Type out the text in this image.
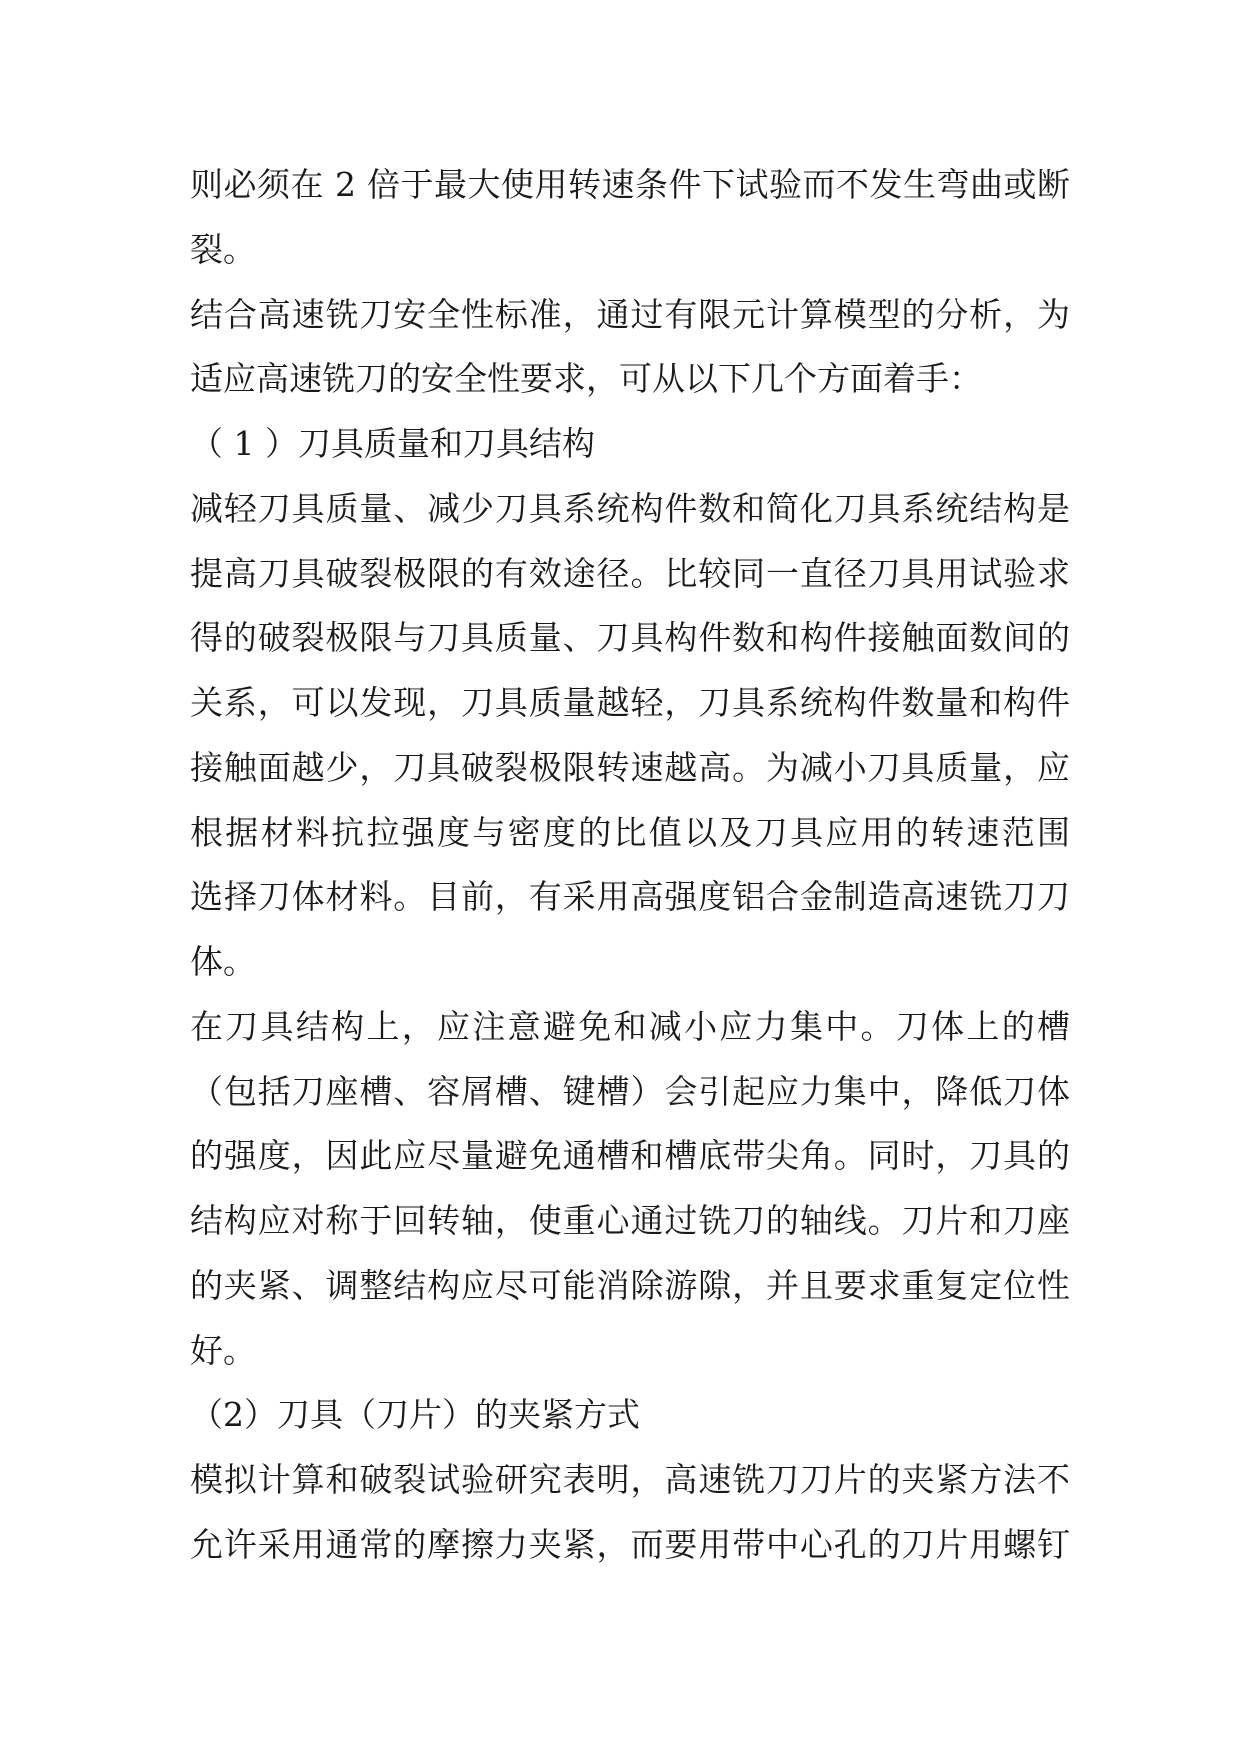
则必须在 2 倍于最大使用转速条件下试验而不发生弯曲或断
裂。
结合高速铣刀安全性标准，通过有限元计算模型的分析，为
适应高速铣刀的安全性要求，可从以下几个方面着手：
（ 1 ）刀具质量和刀具结构
减轻刀具质量、减少刀具系统构件数和简化刀具系统结构是
提高刀具破裂极限的有效途径。比较同一直径刀具用试验求
得的破裂极限与刀具质量、刀具构件数和构件接触面数间的
关系，可以发现，刀具质量越轻，刀具系统构件数量和构件
接触面越少，刀具破裂极限转速越高。为减小刀具质量，应
根据材料抗拉强度与密度的比值以及刀具应用的转速范围
选择刀体材料。目前，有采用高强度铝合金制造高速铣刀刀
体。
在刀具结构上，应注意避免和减小应力集中。刀体上的槽
（包括刀座槽、容屑槽、键槽）会引起应力集中，降低刀体
的强度，因此应尽量避免通槽和槽底带尖角。同时，刀具的
结构应对称于回转轴，使重心通过铣刀的轴线。刀片和刀座
的夹紧、调整结构应尽可能消除游隙，并且要求重复定位性
好。
（2）刀具（刀片）的夹紧方式
模拟计算和破裂试验研究表明，高速铣刀刀片的夹紧方法不
允许采用通常的摩擦力夹紧，而要用带中心孔的刀片用螺钉
